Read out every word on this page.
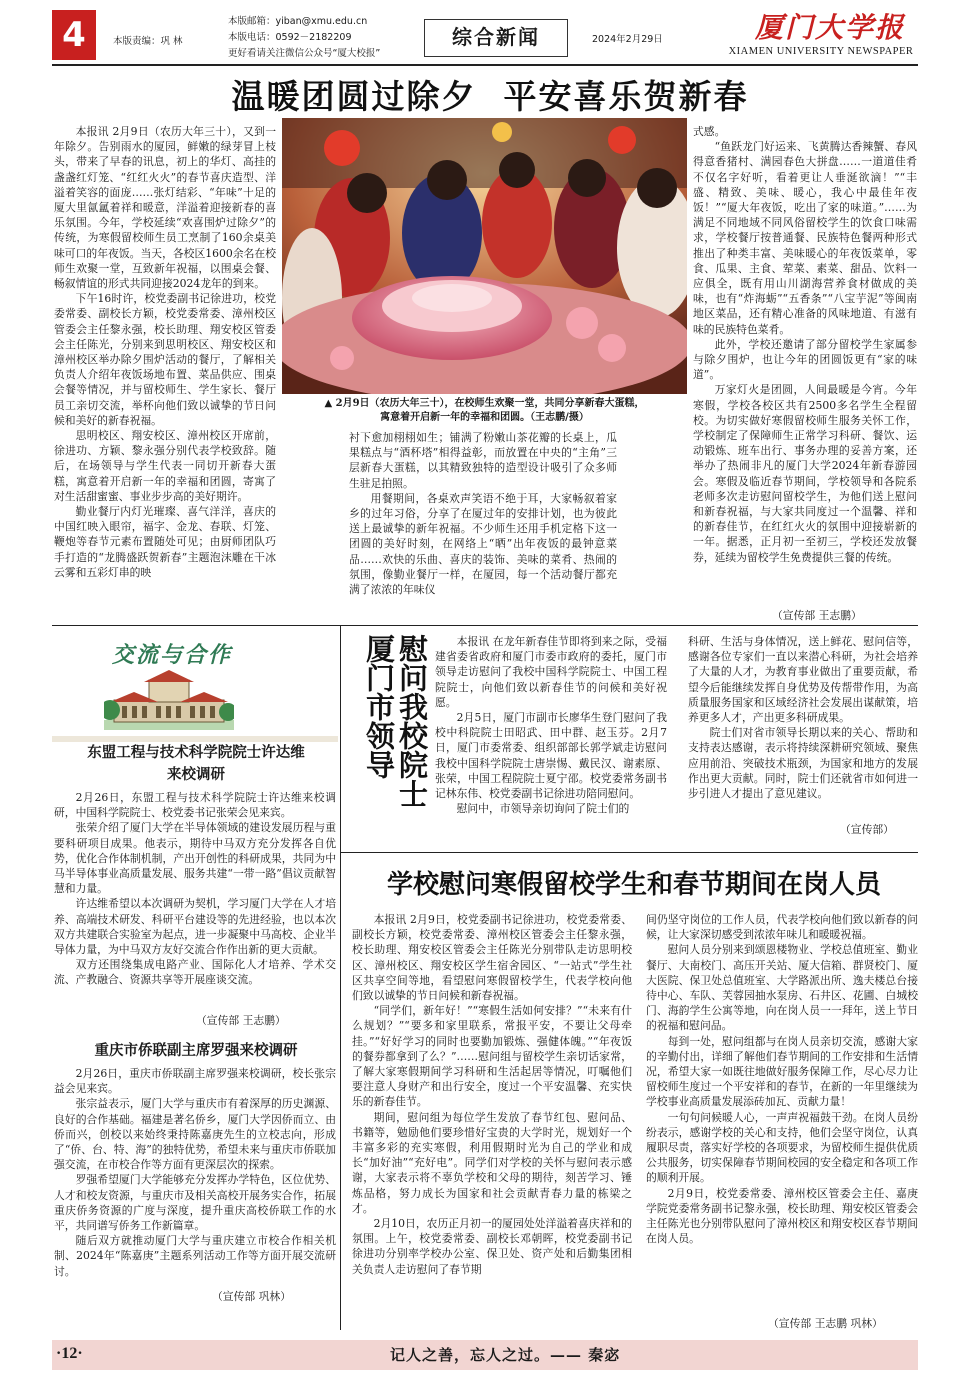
4	本版责编：巩 林
本版邮箱：yiban@xmu.edu.cn
本版电话：0592－2182209
更好看请关注微信公众号“厦大校报”
综合新闻	2024年2月29日	厦门大学报
XIAMEN UNIVERSITY NEWSPAPER
温暖团圆过除夕  平安喜乐贺新春

本报讯 2月9日（农历大年三十），又到一年除夕。告别雨水的厦园，鲜嫩的绿芽冒上枝头，带来了早春的讯息，初上的华灯、高挂的盏盏红灯笼、“红红火火”的春节喜庆造型、洋溢着笑容的面庞……张灯结彩、“年味”十足的厦大里氤氲着祥和暖意，洋溢着迎接新春的喜乐氛围。今年，学校延续“欢喜围炉过除夕”的传统，为寒假留校师生员工烹制了160余桌美味可口的年夜饭。当天，各校区1600余名在校师生欢聚一堂，互致新年祝福，以围桌会餐、畅叙情谊的形式共同迎接2024龙年的到来。

下午16时许，校党委副书记徐进功，校党委常委、副校长方颖，校党委常委、漳州校区管委会主任黎永强，校长助理、翔安校区管委会主任陈光，分别来到思明校区、翔安校区和漳州校区举办除夕围炉活动的餐厅，了解相关负责人介绍年夜饭场地布置、菜品供应、围桌会餐等情况，并与留校师生、学生家长、餐厅员工亲切交流，举杯向他们致以诚挚的节日问候和美好的新春祝福。

思明校区、翔安校区、漳州校区开席前，徐进功、方颖、黎永强分别代表学校致辞。随后，在场领导与学生代表一同切开新春大蛋糕，寓意着开启新一年的幸福和团圆，寄寓了对生活甜蜜蜜、事业步步高的美好期许。

勤业餐厅内灯光璀璨、喜气洋洋，喜庆的中国红映入眼帘，福字、金龙、春联、灯笼、鞭炮等春节元素布置随处可见；由厨师团队巧手打造的“龙腾盛跃贺新春”主题泡沫雕在干冰云雾和五彩灯串的映

▲ 2月9日（农历大年三十），在校师生欢聚一堂，共同分享新春大蛋糕，
寓意着开启新一年的幸福和团圆。（王志鹏/摄）

衬下愈加栩栩如生；铺满了粉嫩山茶花瓣的长桌上，瓜果糕点与“酒杯塔”相得益彰，而放置在中央的“主角”三层新春大蛋糕，以其精致独特的造型设计吸引了众多师生驻足拍照。

用餐期间，各桌欢声笑语不绝于耳，大家畅叙着家乡的过年习俗，分享了在厦过年的安排计划，也为彼此送上最诚挚的新年祝福。不少师生还用手机定格下这一团圆的美好时刻，在网络上“晒”出年夜饭的最钟意菜品……欢快的乐曲、喜庆的装饰、美味的菜肴、热闹的氛围，像勤业餐厅一样，在厦园，每一个活动餐厅都充满了浓浓的年味仪

式感。

“鱼跃龙门好运来、飞黄腾达香辣蟹、春风得意香猪村、满园春色大拼盘……一道道佳肴不仅名字好听，看着更让人垂涎欲滴！”“丰盛、精致、美味、暖心，我心中最佳年夜饭！”“厦大年夜饭，吃出了家的味道。”……为满足不同地域不同风俗留校学生的饮食口味需求，学校餐厅按普通餐、民族特色餐两种形式推出了种类丰富、美味暖心的年夜饭菜单，零食、瓜果、主食、荤菜、素菜、甜品、饮料一应俱全，既有用山川湖海营养食材做成的美味，也有“炸海蛎”“五香条”“八宝芋泥”等闽南地区菜品，还有精心准备的风味地道、有滋有味的民族特色菜肴。

此外，学校还邀请了部分留校学生家属参与除夕围炉，也让今年的团圆饭更有“家的味道”。

万家灯火是团圆，人间最暖是今宵。今年寒假，学校各校区共有2500多名学生全程留校。为切实做好寒假留校师生服务关怀工作，学校制定了保障师生正常学习科研、餐饮、运动锻炼、班车出行、事务办理的妥善方案，还举办了热闹非凡的厦门大学2024年新春游园会。寒假及临近春节期间，学校领导和各院系老师多次走访慰问留校学生，为他们送上慰问和新春祝福，与大家共同度过一个温馨、祥和的新春佳节，在红红火火的氛围中迎接崭新的一年。据悉，正月初一至初三，学校还发放餐券，延续为留校学生免费提供三餐的传统。

（宣传部 王志鹏）
交流与合作
东盟工程与技术科学院院士许达维
来校调研

2月26日，东盟工程与技术科学院院士许达维来校调研，中国科学院院士、校党委书记张荣会见来宾。

张荣介绍了厦门大学在半导体领域的建设发展历程与重要科研项目成果。他表示，期待中马双方充分发挥各自优势，优化合作体制机制，产出开创性的科研成果，共同为中马半导体事业高质量发展、服务共建“一带一路”倡议贡献智慧和力量。

许达维希望以本次调研为契机，学习厦门大学在人才培养、高端技术研发、科研平台建设等的先进经验，也以本次双方共建联合实验室为起点，进一步凝聚中马高校、企业半导体力量，为中马双方友好交流合作作出新的更大贡献。

双方还围绕集成电路产业、国际化人才培养、学术交流、产教融合、资源共享等开展座谈交流。

（宣传部 王志鹏）
重庆市侨联副主席罗强来校调研

2月26日，重庆市侨联副主席罗强来校调研，校长张宗益会见来宾。

张宗益表示，厦门大学与重庆市有着深厚的历史渊源、良好的合作基础。福建是著名侨乡，厦门大学因侨而立、由侨而兴，创校以来始终秉持陈嘉庚先生的立校志向，形成了“侨、台、特、海”的独特优势，希望未来与重庆市侨联加强交流，在市校合作等方面有更深层次的探索。

罗强希望厦门大学能够充分发挥办学特色，区位优势、人才和校友资源，与重庆市及相关高校开展务实合作，拓展重庆侨务资源的广度与深度，提升重庆高校侨联工作的水平，共同谱写侨务工作新篇章。

随后双方就推动厦门大学与重庆建立市校合作相关机制、2024年“陈嘉庚”主题系列活动工作等方面开展交流研讨。

（宣传部 巩林）
慰问我校院士厦门市领导	本报讯 在龙年新春佳节即将到来之际，受福建省委省政府和厦门市委市政府的委托，厦门市领导走访慰问了我校中国科学院院士、中国工程院院士，向他们致以新春佳节的问候和美好祝愿。

2月5日，厦门市副市长廖华生登门慰问了我校中科院院士田昭武、田中群、赵玉芬。2月7日，厦门市委常委、组织部部长郭学斌走访慰问我校中国科学院院士唐崇惕、戴民汉、谢素原、张荣，中国工程院院士夏宁邵。校党委常务副书记林东伟、校党委副书记徐进功陪同慰问。

慰问中，市领导亲切询问了院士们的

科研、生活与身体情况，送上鲜花、慰问信等，感谢各位专家们一直以来潜心科研，为社会培养了大量的人才，为教育事业做出了重要贡献，希望今后能继续发挥自身优势及传帮带作用，为高质量服务国家和区域经济社会发展出谋献策，培养更多人才，产出更多科研成果。

院士们对省市领导长期以来的关心、帮助和支持表达感谢，表示将持续深耕研究领域、聚焦应用前沿、突破技术瓶颈，为国家和地方的发展作出更大贡献。同时，院士们还就省市如何进一步引进人才提出了意见建议。

（宣传部）
学校慰问寒假留校学生和春节期间在岗人员

本报讯 2月9日，校党委副书记徐进功，校党委常委、副校长方颖，校党委常委、漳州校区管委会主任黎永强，校长助理、翔安校区管委会主任陈光分别带队走访思明校区、漳州校区、翔安校区学生宿舍园区、“一站式”学生社区共享空间等地，看望慰问寒假留校学生，代表学校向他们致以诚挚的节日问候和新春祝福。

“同学们，新年好！”“寒假生活如何安排？”“未来有什么规划？”“要多和家里联系，常报平安，不要让父母牵挂。”“好好学习的同时也要勤加锻炼、强健体魄。”“年夜饭的餐券都拿到了么？”……慰问组与留校学生亲切话家常，了解大家寒假期间学习科研和生活起居等情况，叮嘱他们要注意人身财产和出行安全，度过一个平安温馨、充实快乐的新春佳节。

期间，慰问组为每位学生发放了春节红包、慰问品、书籍等，勉励他们要珍惜好宝贵的大学时光，规划好一个丰富多彩的充实寒假，利用假期时光为自己的学业和成长“加好油”“充好电”。同学们对学校的关怀与慰问表示感谢，大家表示将不辜负学校和父母的期待，刻苦学习、锤炼品格，努力成长为国家和社会贡献青春力量的栋梁之才。

2月10日，农历正月初一的厦园处处洋溢着喜庆祥和的氛围。上午，校党委常委、副校长邓朝晖，校党委副书记徐进功分别率学校办公室、保卫处、资产处和后勤集团相关负责人走访慰问了春节期

间仍坚守岗位的工作人员，代表学校向他们致以新春的问候，让大家深切感受到浓浓年味儿和暖暖祝福。

慰问人员分别来到颂恩楼物业、学校总值班室、勤业餐厅、大南校门、高压开关站、厦大信箱、群贤校门、厦大医院、保卫处总值班室、大学路派出所、逸夫楼总台接待中心、车队、芙蓉园抽水泵房、石井区、花圃、白城校门、海韵学生公寓等地，向在岗人员一一拜年，送上节日的祝福和慰问品。

每到一处，慰问组都与在岗人员亲切交流，感谢大家的辛勤付出，详细了解他们春节期间的工作安排和生活情况，希望大家一如既往地做好服务保障工作，尽心尽力让留校师生度过一个平安祥和的春节，在新的一年里继续为学校事业高质量发展添砖加瓦、贡献力量！

一句句问候暖人心，一声声祝福鼓干劲。在岗人员纷纷表示，感谢学校的关心和支持，他们会坚守岗位，认真履职尽责，落实好学校的各项要求，为留校师生提供优质公共服务，切实保障春节期间校园的安全稳定和各项工作的顺利开展。

2月9日，校党委常委、漳州校区管委会主任、嘉庚学院党委常务副书记黎永强，校长助理、翔安校区管委会主任陈光也分别带队慰问了漳州校区和翔安校区春节期间在岗人员。

（宣传部 王志鹏 巩林）
·12·	记人之善，忘人之过。—— 秦宓
